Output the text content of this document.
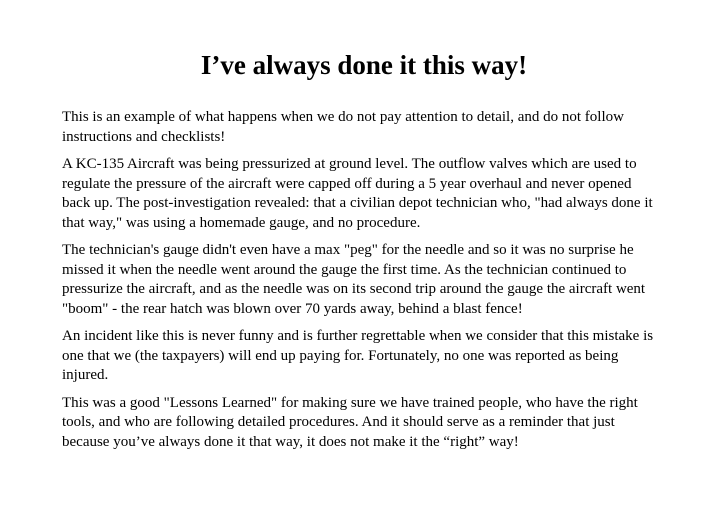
I’ve always done it this way!

This is an example of what happens when we do not pay attention to detail, and do not follow instructions and checklists!

A KC-135 Aircraft was being pressurized at ground level. The outflow valves which are used to regulate the pressure of the aircraft were capped off during a 5 year overhaul and never opened back up. The post-investigation revealed: that a civilian depot technician who, "had always done it that way," was using a homemade gauge, and no procedure.

The technician's gauge didn't even have a max "peg" for the needle and so it was no surprise he missed it when the needle went around the gauge the first time. As the technician continued to pressurize the aircraft, and as the needle was on its second trip around the gauge the aircraft went "boom" - the rear hatch was blown over 70 yards away, behind a blast fence!

An incident like this is never funny and is further regrettable when we consider that this mistake is one that we (the taxpayers) will end up paying for. Fortunately, no one was reported as being injured.

This was a good "Lessons Learned" for making sure we have trained people, who have the right tools, and who are following detailed procedures. And it should serve as a reminder that just because you’ve always done it that way, it does not make it the “right” way!
